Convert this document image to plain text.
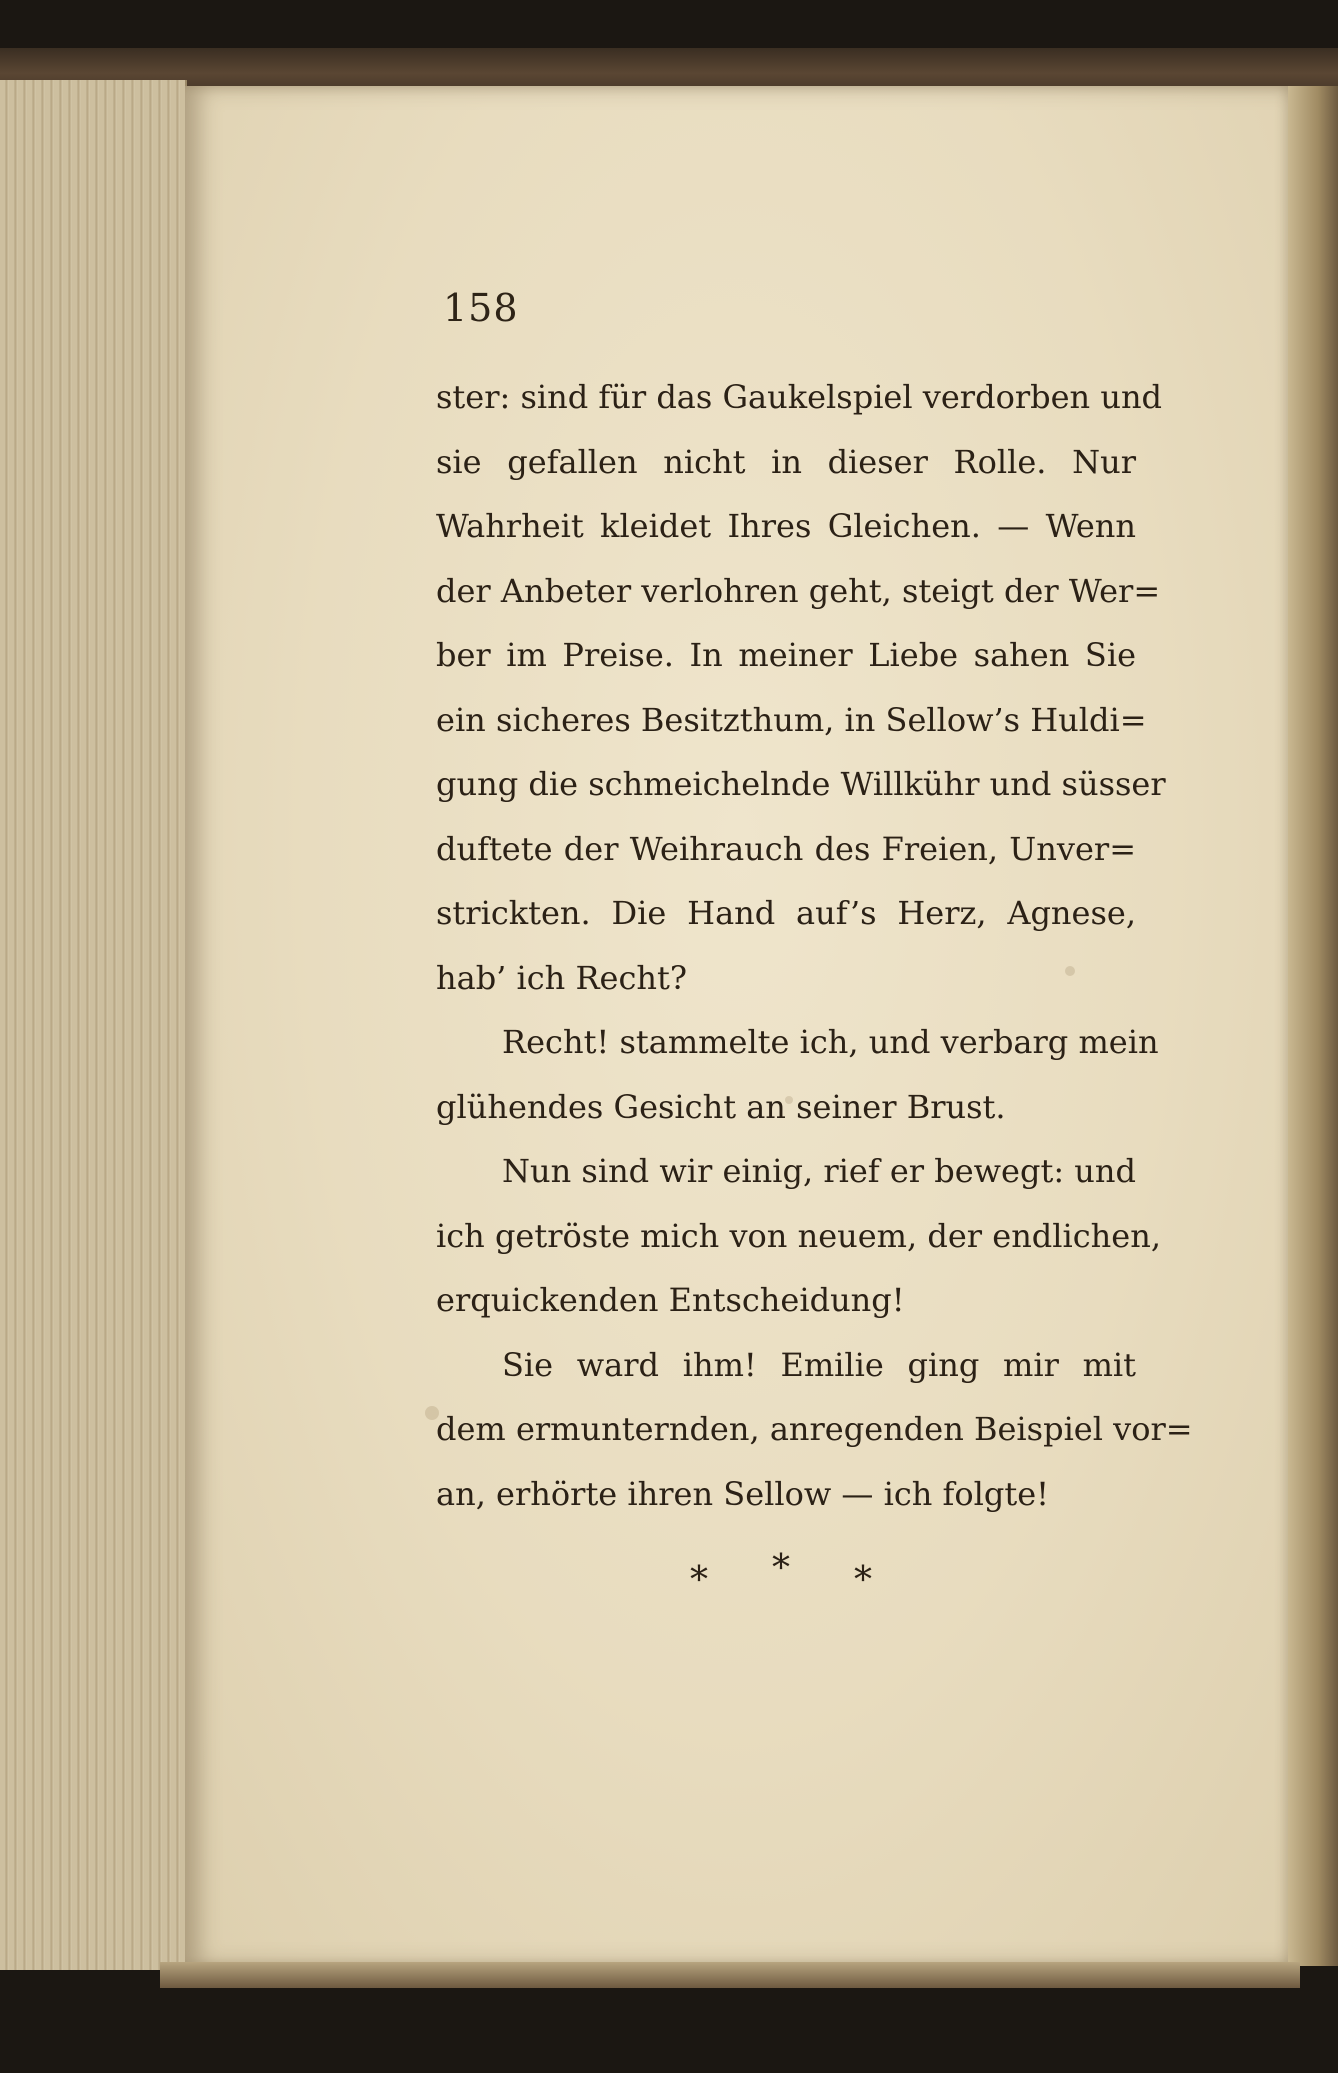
158
ster: sind für das Gaukelspiel verdorben und
sie gefallen nicht in dieser Rolle. Nur
Wahrheit kleidet Ihres Gleichen. — Wenn
der Anbeter verlohren geht, steigt der Wer=
ber im Preise. In meiner Liebe sahen Sie
ein sicheres Besitzthum, in Sellow’s Huldi=
gung die schmeichelnde Willkühr und süsser
duftete der Weihrauch des Freien, Unver=
strickten. Die Hand auf’s Herz, Agnese,
hab’ ich Recht?
Recht! stammelte ich, und verbarg mein
glühendes Gesicht an seiner Brust.
Nun sind wir einig, rief er bewegt: und
ich getröste mich von neuem, der endlichen,
erquickenden Entscheidung!
Sie ward ihm! Emilie ging mir mit
dem ermunternden, anregenden Beispiel vor=
an, erhörte ihren Sellow — ich folgte!
* * *
